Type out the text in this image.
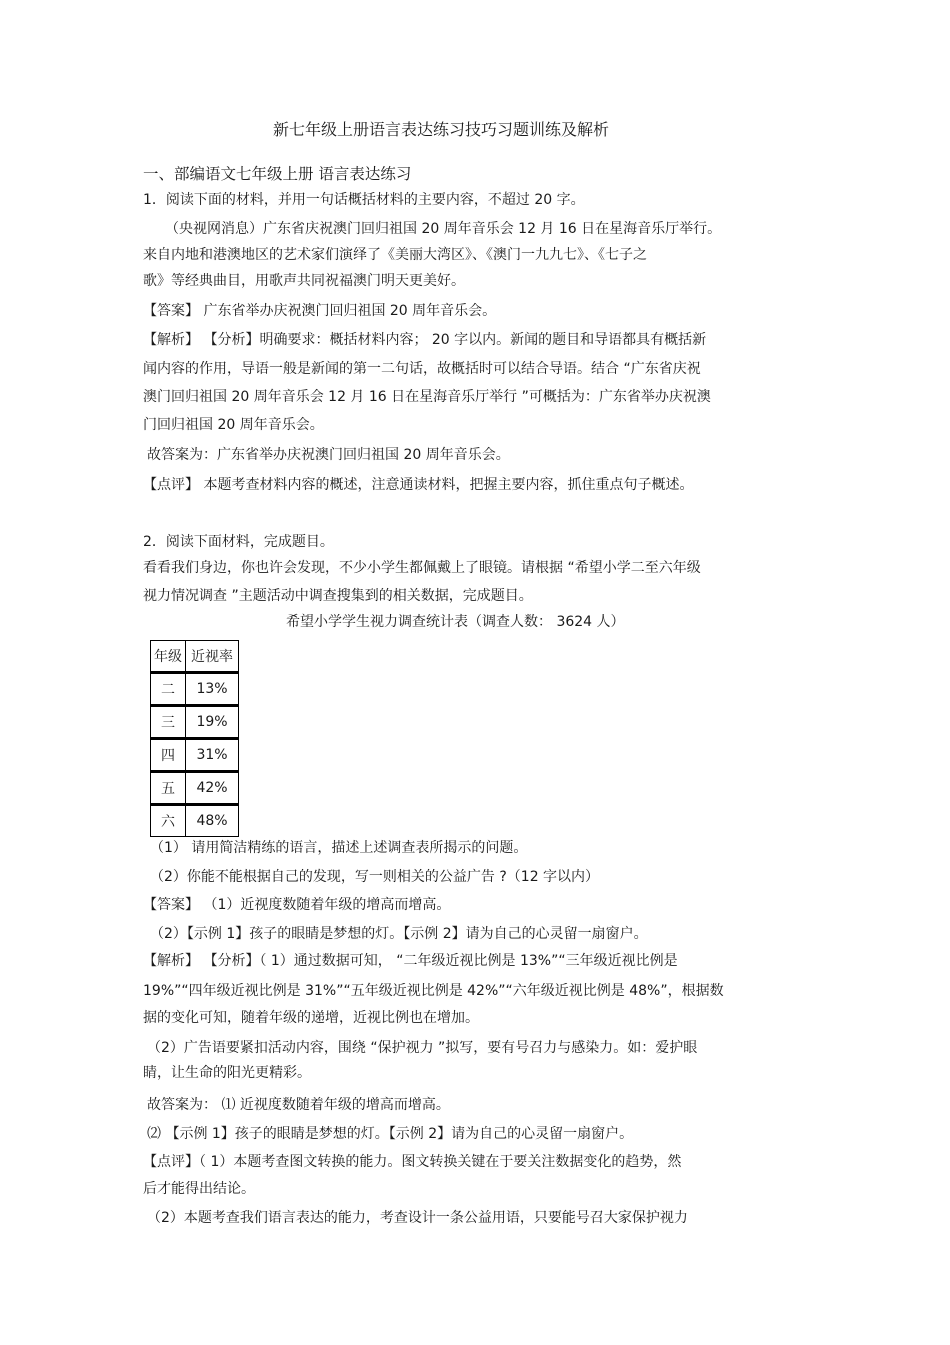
新七年级上册语言表达练习技巧习题训练及解析
一、部编语文七年级上册 语言表达练习
1．阅读下面的材料，并用一句话概括材料的主要内容，不超过 20 字。
（央视网消息）广东省庆祝澳门回归祖国 20 周年音乐会 12 月 16 日在星海音乐厅举行。
来自内地和港澳地区的艺术家们演绎了《美丽大湾区》、《澳门一九九七》、《七子之
歌》等经典曲目，用歌声共同祝福澳门明天更美好。
【答案】 广东省举办庆祝澳门回归祖国 20 周年音乐会。
【解析】 【分析】明确要求：概括材料内容； 20 字以内。新闻的题目和导语都具有概括新
闻内容的作用，导语一般是新闻的第一二句话，故概括时可以结合导语。结合 “广东省庆祝
澳门回归祖国 20 周年音乐会 12 月 16 日在星海音乐厅举行 ”可概括为：广东省举办庆祝澳
门回归祖国 20 周年音乐会。
故答案为：广东省举办庆祝澳门回归祖国 20 周年音乐会。
【点评】 本题考查材料内容的概述，注意通读材料，把握主要内容，抓住重点句子概述。
2．阅读下面材料，完成题目。
看看我们身边，你也许会发现，不少小学生都佩戴上了眼镜。请根据 “希望小学二至六年级
视力情况调查 ”主题活动中调查搜集到的相关数据，完成题目。
希望小学学生视力调查统计表（调查人数： 3624 人）
年级	近视率
二	13%
三	19%
四	31%
五	42%
六	48%
（1） 请用简洁精练的语言，描述上述调查表所揭示的问题。
（2）你能不能根据自己的发现，写一则相关的公益广告 ?（12 字以内）
【答案】 （1）近视度数随着年级的增高而增高。
（2）【示例 1】孩子的眼睛是梦想的灯。【示例 2】请为自己的心灵留一扇窗户。
【解析】 【分析】（ 1）通过数据可知， “二年级近视比例是 13%”“三年级近视比例是
19%”“四年级近视比例是 31%”“五年级近视比例是 42%”“六年级近视比例是 48%”，根据数
据的变化可知，随着年级的递增，近视比例也在增加。
（2）广告语要紧扣活动内容，围绕 “保护视力 ”拟写，要有号召力与感染力。如：爱护眼
睛，让生命的阳光更精彩。
故答案为： ⑴ 近视度数随着年级的增高而增高。
⑵ 【示例 1】孩子的眼睛是梦想的灯。【示例 2】请为自己的心灵留一扇窗户。
【点评】（ 1）本题考查图文转换的能力。图文转换关键在于要关注数据变化的趋势，然
后才能得出结论。
（2）本题考查我们语言表达的能力，考查设计一条公益用语，只要能号召大家保护视力
